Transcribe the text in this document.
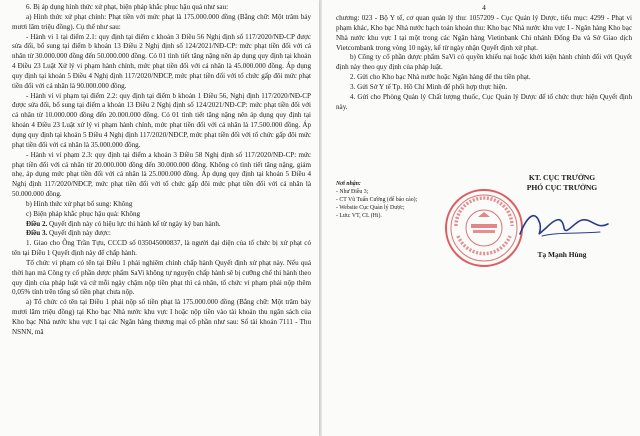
6. Bị áp dụng hình thức xử phạt, biện pháp khắc phục hậu quả như sau:

a) Hình thức xử phạt chính: Phạt tiền với mức phạt là 175.000.000 đồng (Bằng chữ: Một trăm bảy mươi lăm triệu đồng). Cụ thể như sau:

- Hành vi 1 tại điểm 2.1: quy định tại điểm c khoản 3 Điều 56 Nghị định số 117/2020/NĐ-CP được sửa đổi, bổ sung tại điểm b khoản 13 Điều 2 Nghị định số 124/2021/NĐ-CP: mức phạt tiền đối với cá nhân từ 30.000.000 đồng đến 50.000.000 đồng. Có 01 tình tiết tăng nặng nên áp dụng quy định tại khoản 4 Điều 23 Luật Xử lý vi phạm hành chính, mức phạt tiền đối với cá nhân là 45.000.000 đồng. Áp dụng quy định tại khoản 5 Điều 4 Nghị định 117/2020/NĐCP, mức phạt tiền đối với tổ chức gấp đôi mức phạt tiền đối với cá nhân là 90.000.000 đồng.

- Hành vi vi phạm tại điểm 2.2: quy định tại điểm b khoản 1 Điều 56, Nghị định 117/2020/NĐ-CP được sửa đổi, bổ sung tại điểm a khoản 13 Điều 2 Nghị định số 124/2021/NĐ-CP: mức phạt tiền đối với cá nhân từ 10.000.000 đồng đến 20.000.000 đồng. Có 01 tình tiết tăng nặng nên áp dụng quy định tại khoản 4 Điều 23 Luật xử lý vi phạm hành chính, mức phạt tiền đối với cá nhân là 17.500.000 đồng. Áp dụng quy định tại khoản 5 Điều 4 Nghị định 117/2020/NĐCP, mức phạt tiền đối với tổ chức gấp đôi mức phạt tiền đối với cá nhân là 35.000.000 đồng.

- Hành vi vi phạm 2.3: quy định tại điểm a khoản 3 Điều 58 Nghị định số 117/2020/NĐ-CP: mức phạt tiền đối với cá nhân từ 20.000.000 đồng đến 30.000.000 đồng. Không có tình tiết tăng nặng, giảm nhẹ, áp dụng mức phạt tiền đối với cá nhân là 25.000.000 đồng. Áp dụng quy định tại khoản 5 Điều 4 Nghị định 117/2020/NĐCP, mức phạt tiền đối với tổ chức gấp đôi mức phạt tiền đối với cá nhân là 50.000.000 đồng.

b) Hình thức xử phạt bổ sung: Không

c) Biện pháp khắc phục hậu quả: Không

Điều 2. Quyết định này có hiệu lực thi hành kể từ ngày ký ban hành.

Điều 3. Quyết định này được:

1. Giao cho Ông Trần Tựu, CCCD số 035045000837, là người đại diện của tổ chức bị xử phạt có tên tại Điều 1 Quyết định này để chấp hành.

Tổ chức vi phạm có tên tại Điều 1 phải nghiêm chỉnh chấp hành Quyết định xử phạt này. Nếu quá thời hạn mà Công ty cổ phần dược phẩm SaVi không tự nguyện chấp hành sẽ bị cưỡng chế thi hành theo quy định của pháp luật và cứ mỗi ngày chậm nộp tiền phạt thì cá nhân, tổ chức vi phạm phải nộp thêm 0,05% tính trên tổng số tiền phạt chưa nộp.

a) Tổ chức có tên tại Điều 1 phải nộp số tiền phạt là 175.000.000 đồng (Bằng chữ: Một trăm bảy mươi lăm triệu đồng) tại Kho bạc Nhà nước khu vực I hoặc nộp tiền vào tài khoản thu ngân sách của Kho bạc Nhà nước khu vực I tại các Ngân hàng thương mại cổ phần như sau: Số tài khoản 7111 - Thu NSNN, mã

4

chương: 023 - Bộ Y tế, cơ quan quản lý thu: 1057209 - Cục Quản lý Dược, tiểu mục: 4299 - Phạt vi phạm khác, Kho bạc Nhà nước hạch toán khoản thu: Kho bạc Nhà nước khu vực I - Ngân hàng Kho bạc Nhà nước khu vực I tại một trong các Ngân hàng Vietinbank Chi nhánh Đống Đa và Sở Giao dịch Vietcombank trong vòng 10 ngày, kể từ ngày nhận Quyết định xử phạt.

b) Công ty cổ phần dược phẩm SaVi có quyền khiếu nại hoặc khởi kiện hành chính đối với Quyết định này theo quy định của pháp luật.

2. Gửi cho Kho bạc Nhà nước hoặc Ngân hàng để thu tiền phạt.

3. Gửi Sở Y tế Tp. Hồ Chí Minh để phối hợp thực hiện.

4. Gửi cho Phòng Quản lý Chất lượng thuốc, Cục Quản lý Dược để tổ chức thực hiện Quyết định này.

Nơi nhận:

- Như Điều 3;

- CT Vũ Tuấn Cường (để báo cáo);

- Website Cục Quản lý Dược;

- Lưu: VT, CL (Hi).

KT. CỤC TRƯỞNG
PHÓ CỤC TRƯỞNG
Tạ Mạnh Hùng
